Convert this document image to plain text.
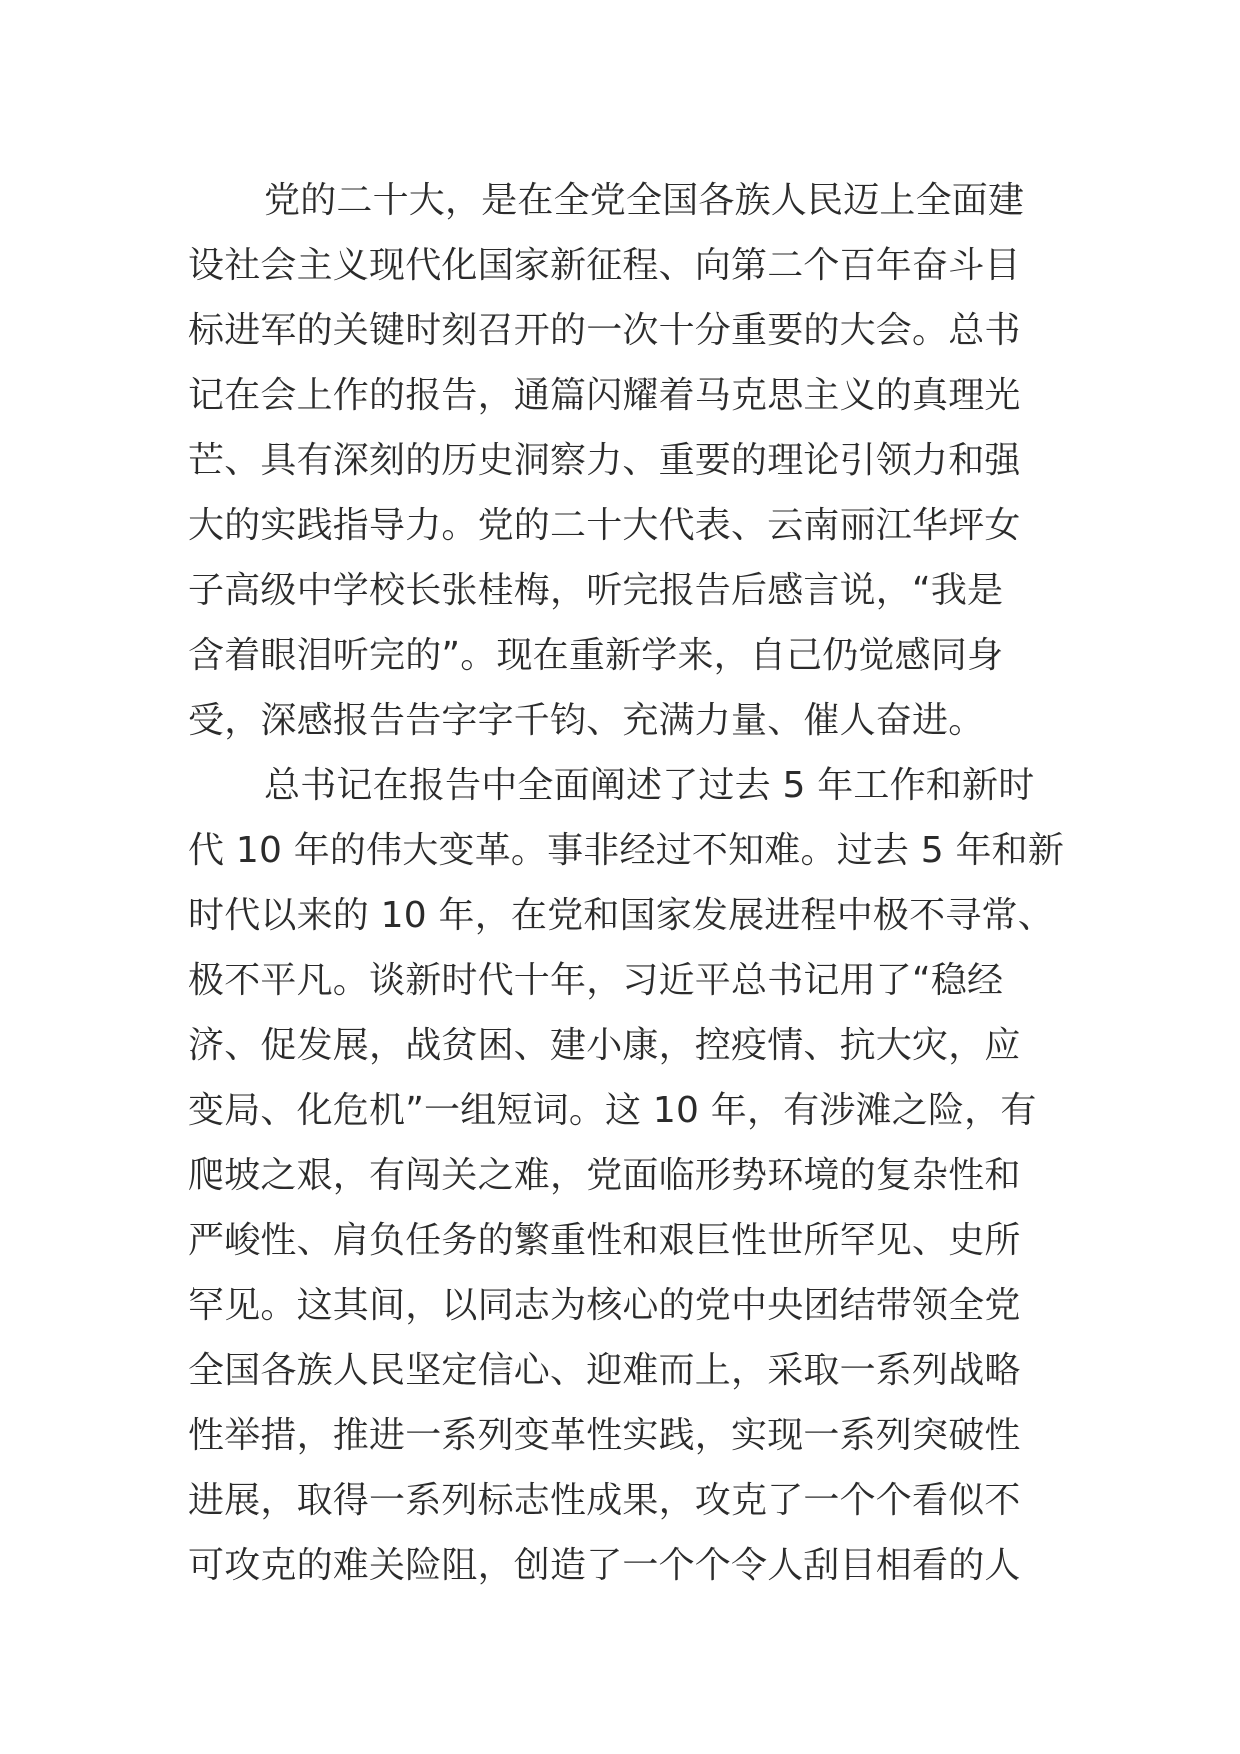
党的二十大，是在全党全国各族人民迈上全面建
设社会主义现代化国家新征程、向第二个百年奋斗目
标进军的关键时刻召开的一次十分重要的大会。总书
记在会上作的报告，通篇闪耀着马克思主义的真理光
芒、具有深刻的历史洞察力、重要的理论引领力和强
大的实践指导力。党的二十大代表、云南丽江华坪女
子高级中学校长张桂梅，听完报告后感言说，“我是
含着眼泪听完的”。现在重新学来，自己仍觉感同身
受，深感报告告字字千钧、充满力量、催人奋进。
总书记在报告中全面阐述了过去 5 年工作和新时
代 10 年的伟大变革。事非经过不知难。过去 5 年和新
时代以来的 10 年，在党和国家发展进程中极不寻常、
极不平凡。谈新时代十年，习近平总书记用了“稳经
济、促发展，战贫困、建小康，控疫情、抗大灾，应
变局、化危机”一组短词。这 10 年，有涉滩之险，有
爬坡之艰，有闯关之难，党面临形势环境的复杂性和
严峻性、肩负任务的繁重性和艰巨性世所罕见、史所
罕见。这其间，以同志为核心的党中央团结带领全党
全国各族人民坚定信心、迎难而上，采取一系列战略
性举措，推进一系列变革性实践，实现一系列突破性
进展，取得一系列标志性成果，攻克了一个个看似不
可攻克的难关险阻，创造了一个个令人刮目相看的人
